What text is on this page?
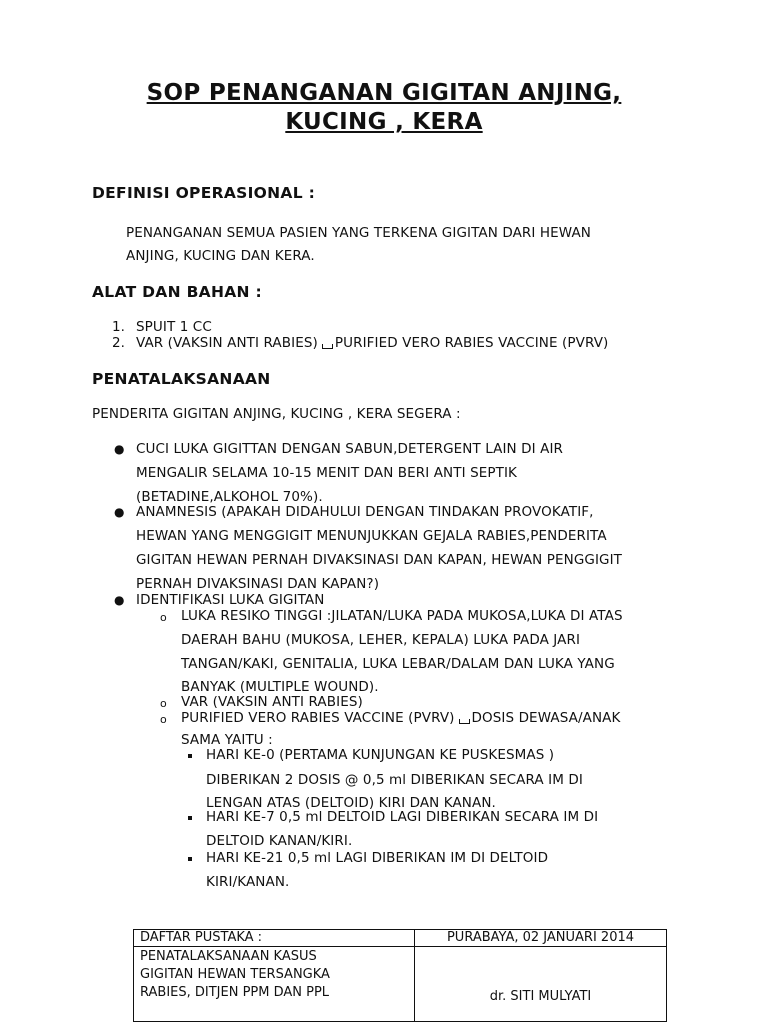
SOP PENANGANAN GIGITAN ANJING,
KUCING , KERA
DEFINISI OPERASIONAL :
PENANGANAN SEMUA PASIEN YANG TERKENA GIGITAN DARI HEWAN
ANJING, KUCING DAN KERA.
ALAT DAN BAHAN :
1. SPUIT 1 CC
2. VAR (VAKSIN ANTI RABIES) PURIFIED VERO RABIES VACCINE (PVRV)
PENATALAKSANAAN
PENDERITA GIGITAN ANJING, KUCING , KERA SEGERA :
● CUCI LUKA GIGITTAN DENGAN SABUN,DETERGENT LAIN DI AIR
MENGALIR SELAMA 10-15 MENIT DAN BERI ANTI SEPTIK
(BETADINE,ALKOHOL 70%).
● ANAMNESIS (APAKAH DIDAHULUI DENGAN TINDAKAN PROVOKATIF,
HEWAN YANG MENGGIGIT MENUNJUKKAN GEJALA RABIES,PENDERITA
GIGITAN HEWAN PERNAH DIVAKSINASI DAN KAPAN, HEWAN PENGGIGIT
PERNAH DIVAKSINASI DAN KAPAN?)
● IDENTIFIKASI LUKA GIGITAN
o LUKA RESIKO TINGGI :JILATAN/LUKA PADA MUKOSA,LUKA DI ATAS
DAERAH BAHU (MUKOSA, LEHER, KEPALA) LUKA PADA JARI
TANGAN/KAKI, GENITALIA, LUKA LEBAR/DALAM DAN LUKA YANG
BANYAK (MULTIPLE WOUND).
o VAR (VAKSIN ANTI RABIES)
o PURIFIED VERO RABIES VACCINE (PVRV) DOSIS DEWASA/ANAK
SAMA YAITU :
HARI KE-0 (PERTAMA KUNJUNGAN KE PUSKESMAS )
DIBERIKAN 2 DOSIS @ 0,5 ml DIBERIKAN SECARA IM DI
LENGAN ATAS (DELTOID) KIRI DAN KANAN.
HARI KE-7 0,5 ml DELTOID LAGI DIBERIKAN SECARA IM DI
DELTOID KANAN/KIRI.
HARI KE-21 0,5 ml LAGI DIBERIKAN IM DI DELTOID
KIRI/KANAN.
DAFTAR PUSTAKA :	PURABAYA, 02 JANUARI 2014

PENATALAKSANAAN KASUS
GIGITAN HEWAN TERSANGKA
RABIES, DITJEN PPM DAN PPL	dr. SITI MULYATI
